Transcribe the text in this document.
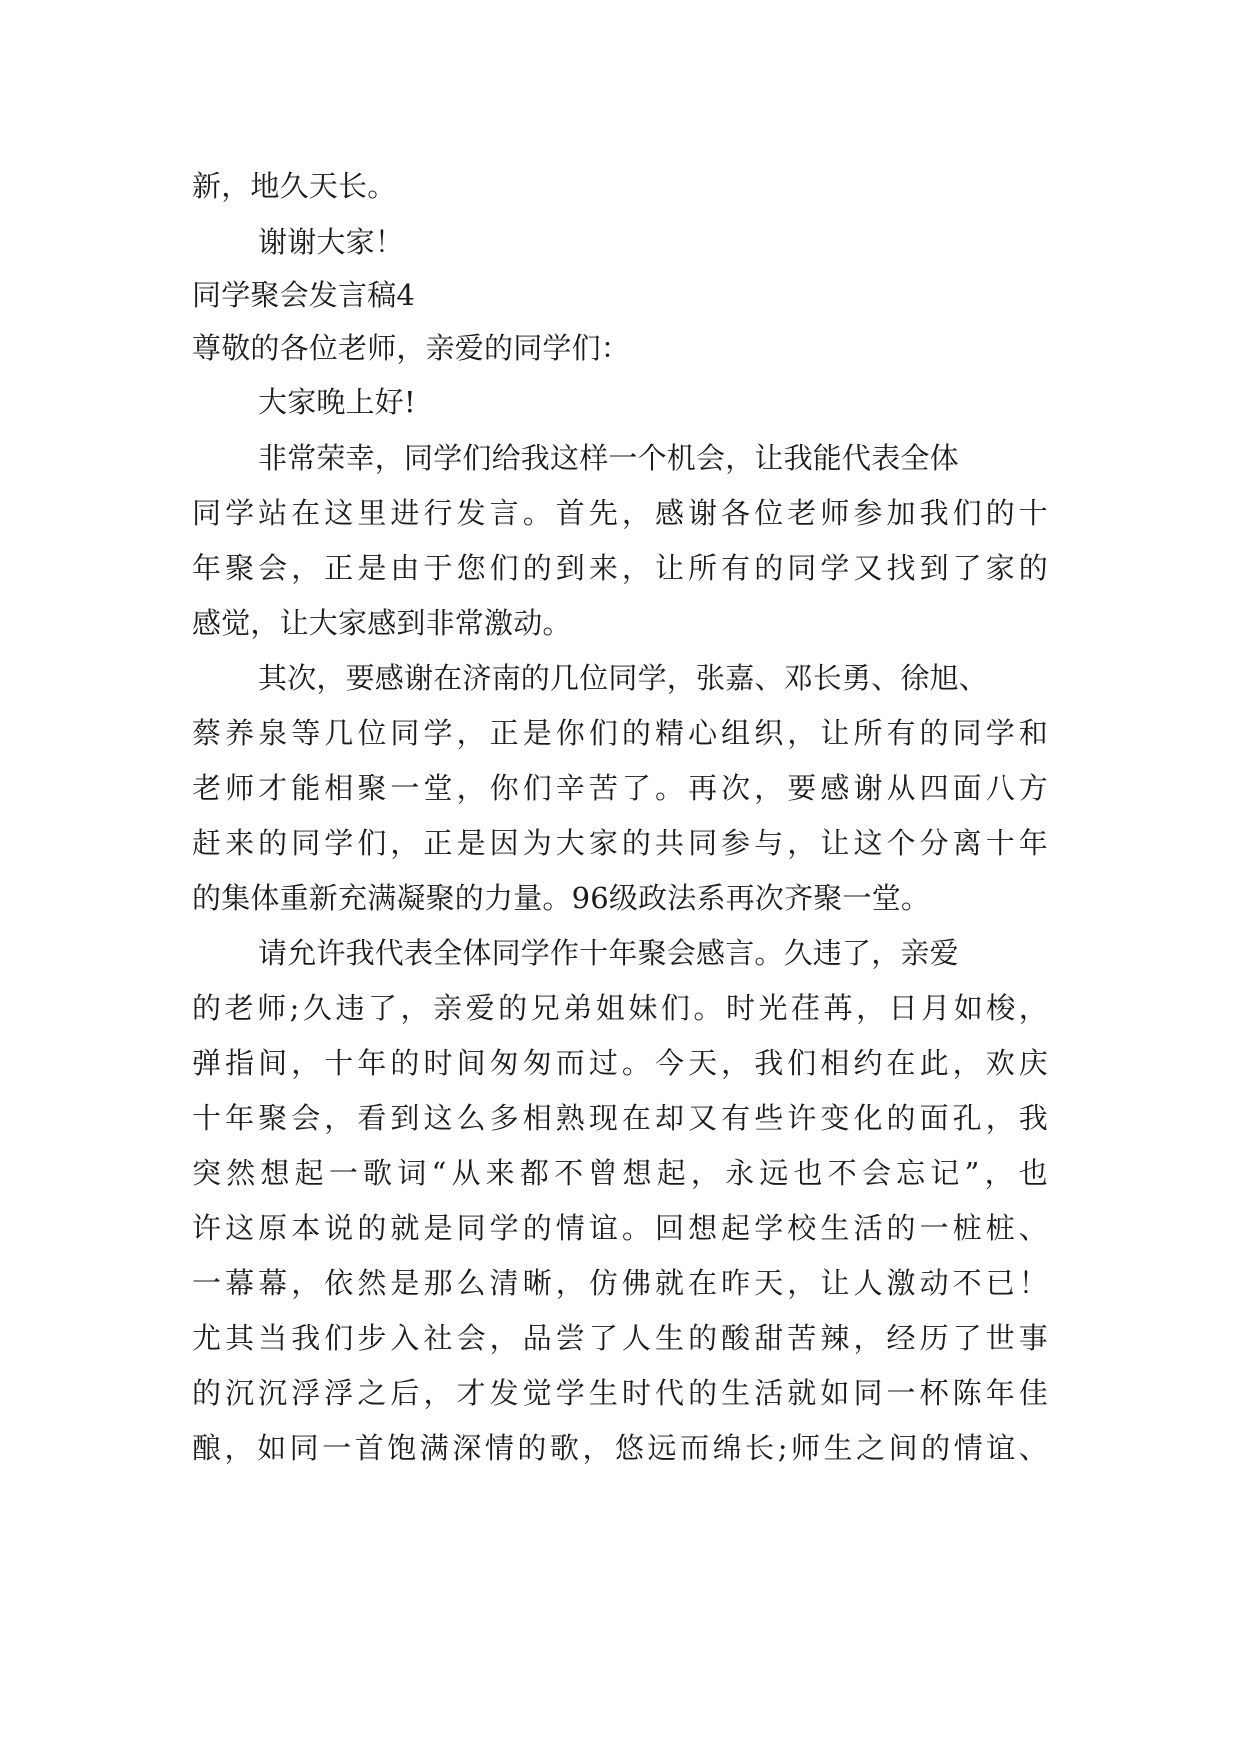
新，地久天长。
谢谢大家！
同学聚会发言稿4
尊敬的各位老师，亲爱的同学们：
大家晚上好!
非常荣幸，同学们给我这样一个机会，让我能代表全体
同学站在这里进行发言。首先，感谢各位老师参加我们的十
年聚会，正是由于您们的到来，让所有的同学又找到了家的
感觉，让大家感到非常激动。
其次，要感谢在济南的几位同学，张嘉、邓长勇、徐旭、
蔡养泉等几位同学，正是你们的精心组织，让所有的同学和
老师才能相聚一堂，你们辛苦了。再次，要感谢从四面八方
赶来的同学们，正是因为大家的共同参与，让这个分离十年
的集体重新充满凝聚的力量。96级政法系再次齐聚一堂。
请允许我代表全体同学作十年聚会感言。久违了，亲爱
的老师;久违了，亲爱的兄弟姐妹们。时光荏苒，日月如梭，
弹指间，十年的时间匆匆而过。今天，我们相约在此，欢庆
十年聚会，看到这么多相熟现在却又有些许变化的面孔，我
突然想起一歌词“从来都不曾想起，永远也不会忘记”，也
许这原本说的就是同学的情谊。回想起学校生活的一桩桩、
一幕幕，依然是那么清晰，仿佛就在昨天，让人激动不已！
尤其当我们步入社会，品尝了人生的酸甜苦辣，经历了世事
的沉沉浮浮之后，才发觉学生时代的生活就如同一杯陈年佳
酿，如同一首饱满深情的歌，悠远而绵长;师生之间的情谊、
